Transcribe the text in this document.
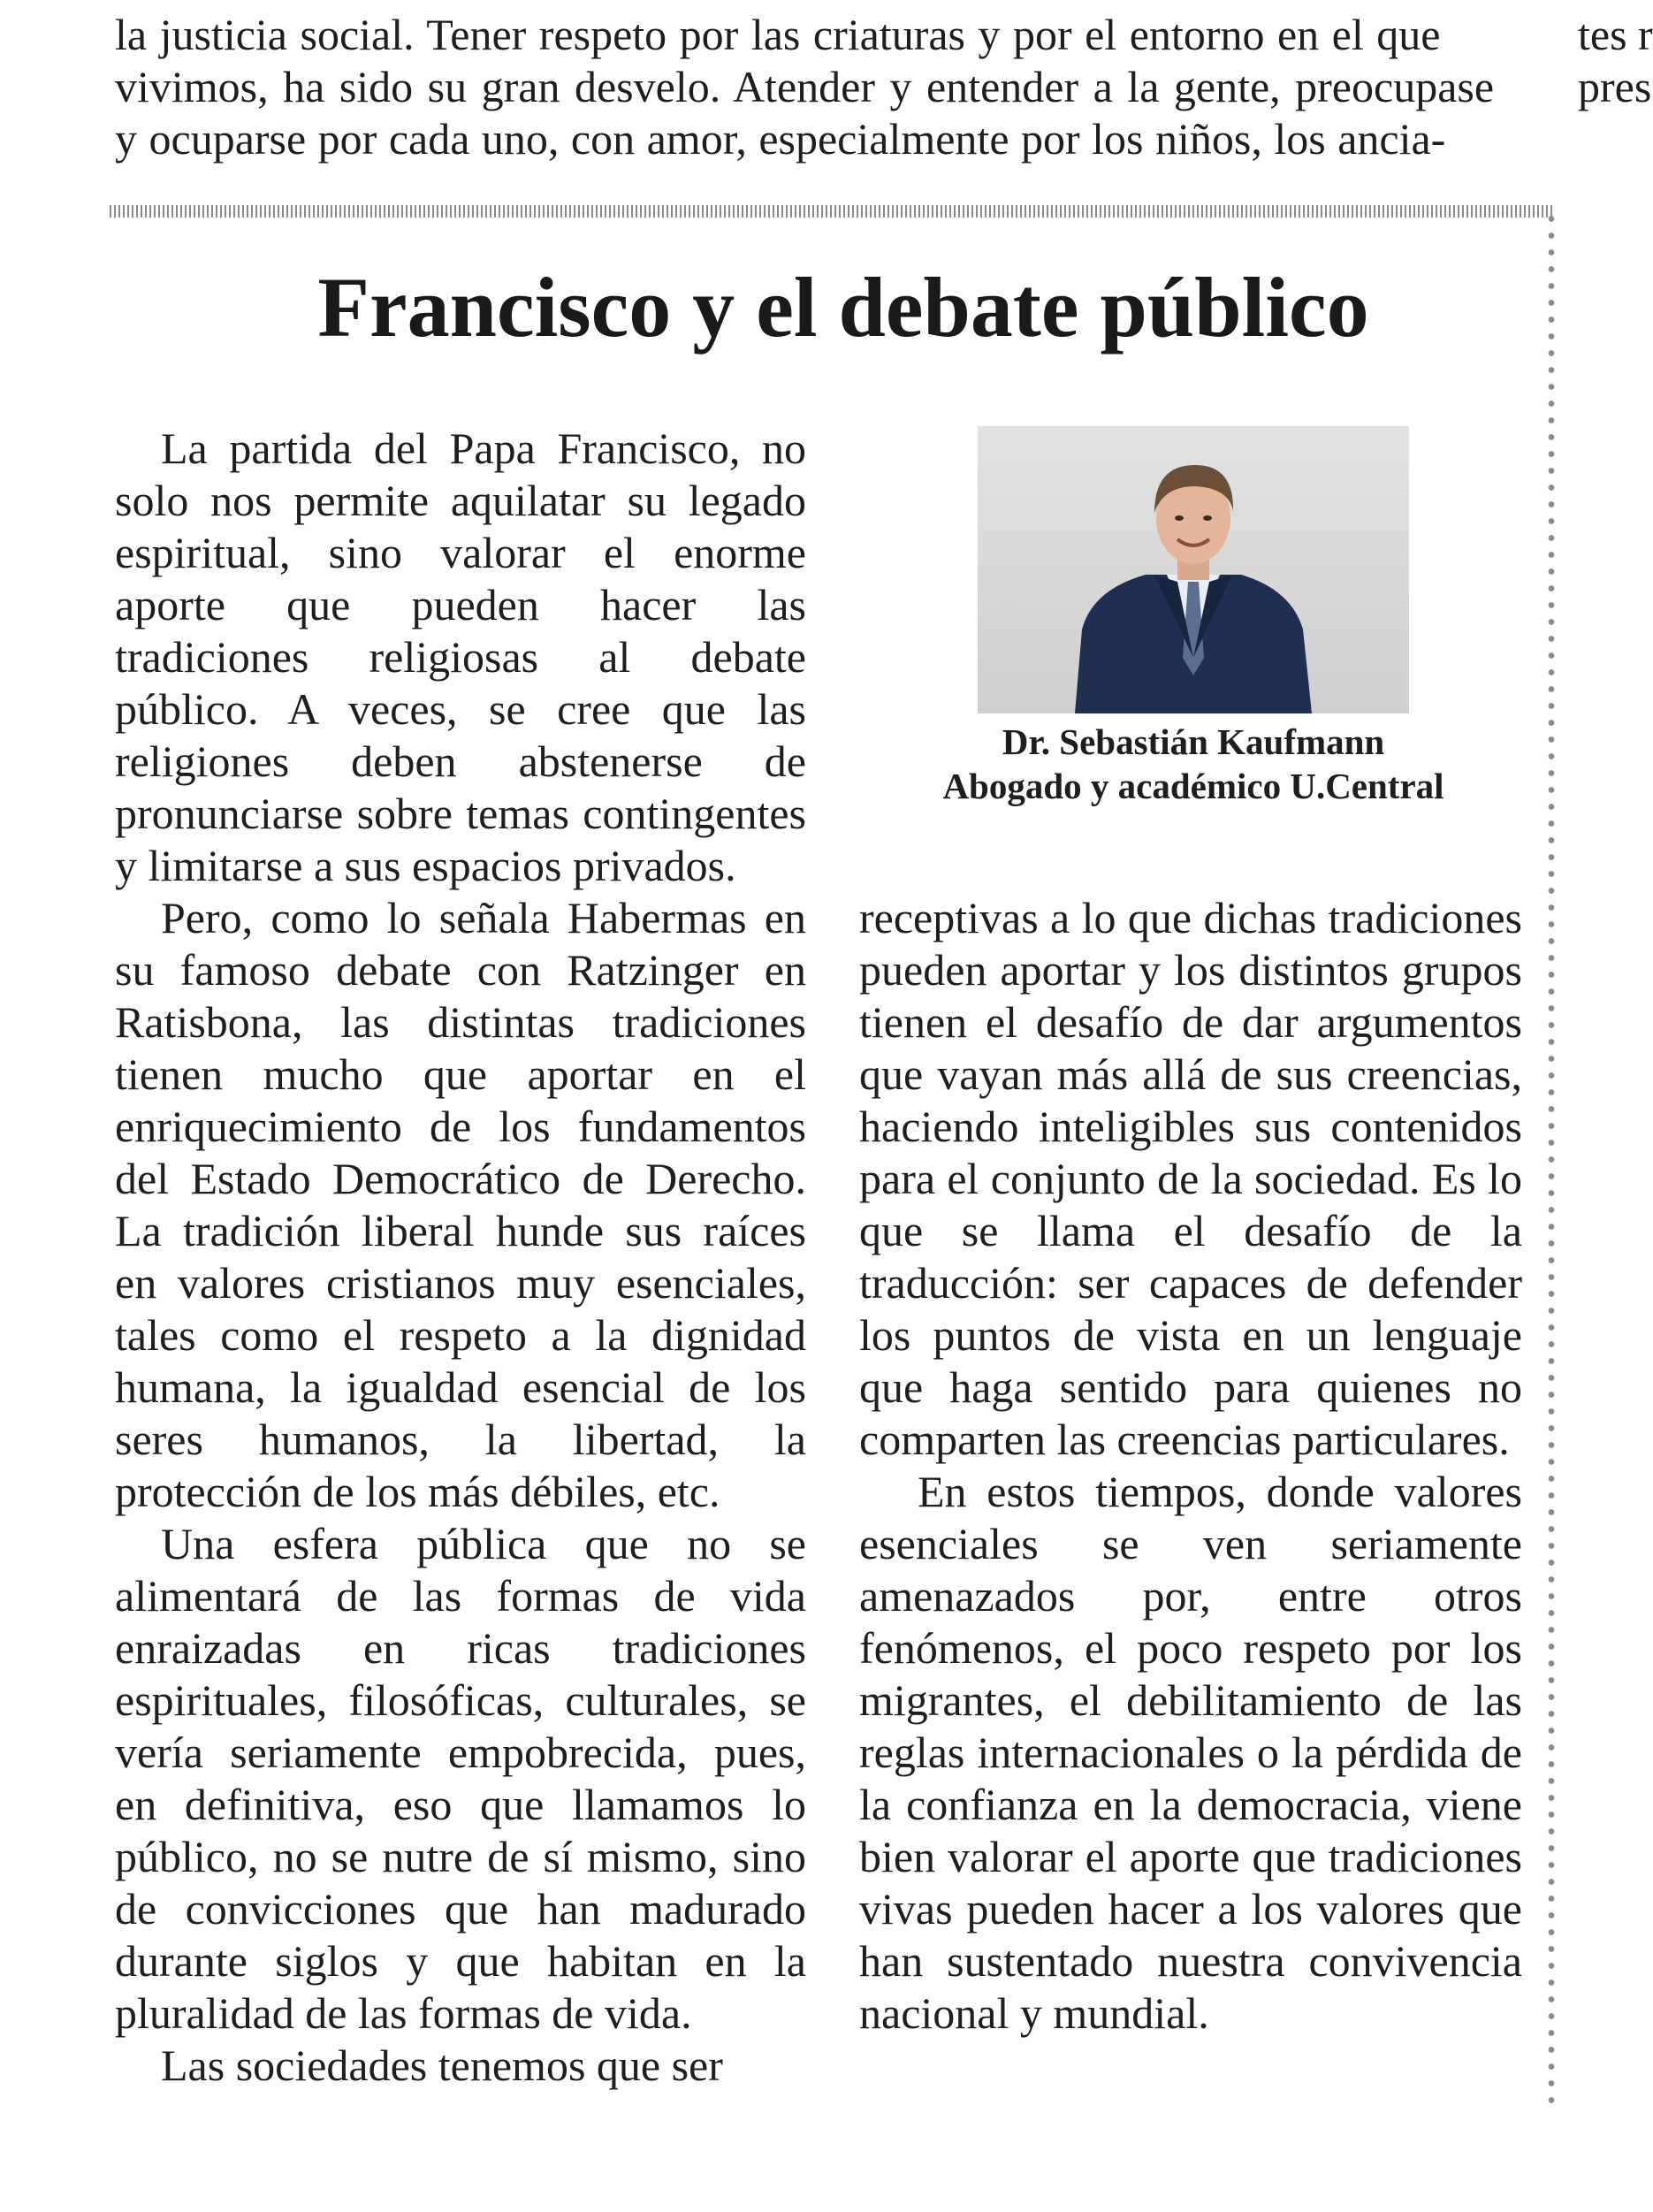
la justicia social. Tener respeto por las criaturas y por el entorno en el que
vivimos, ha sido su gran desvelo. Atender y entender a la gente, preocupase
y ocuparse por cada uno, con amor, especialmente por los niños, los ancia-
tes r
pres
Francisco y el debate público

La partida del Papa Francisco, no solo nos permite aquilatar su legado espiritual, sino valorar el enorme aporte que pueden hacer las tradiciones religiosas al debate público. A veces, se cree que las religiones deben abstenerse de pronunciarse sobre temas contingentes y limitarse a sus espacios privados.

Pero, como lo señala Habermas en su famoso debate con Ratzinger en Ratisbona, las distintas tradiciones tienen mucho que aportar en el enriquecimiento de los fundamentos del Estado Democrático de Derecho. La tradición liberal hunde sus raíces en valores cristianos muy esenciales, tales como el respeto a la dignidad humana, la igualdad esencial de los seres humanos, la libertad, la protección de los más débiles, etc.

Una esfera pública que no se alimentará de las formas de vida enraizadas en ricas tradiciones espirituales, filosóficas, culturales, se vería seriamente empobrecida, pues, en definitiva, eso que llamamos lo público, no se nutre de sí mismo, sino de convicciones que han madurado durante siglos y que habitan en la pluralidad de las formas de vida.

Las sociedades tenemos que ser

Dr. Sebastián Kaufmann
Abogado y académico U.Central

receptivas a lo que dichas tradiciones pueden aportar y los distintos grupos tienen el desafío de dar argumentos que vayan más allá de sus creencias, haciendo inteligibles sus contenidos para el conjunto de la sociedad. Es lo que se llama el desafío de la traducción: ser capaces de defender los puntos de vista en un lenguaje que haga sentido para quienes no comparten las creencias particulares.

En estos tiempos, donde valores esenciales se ven seriamente amenazados por, entre otros fenómenos, el poco respeto por los migrantes, el debilitamiento de las reglas internacionales o la pérdida de la confianza en la democracia, viene bien valorar el aporte que tradiciones vivas pueden hacer a los valores que han sustentado nuestra convivencia nacional y mundial.
